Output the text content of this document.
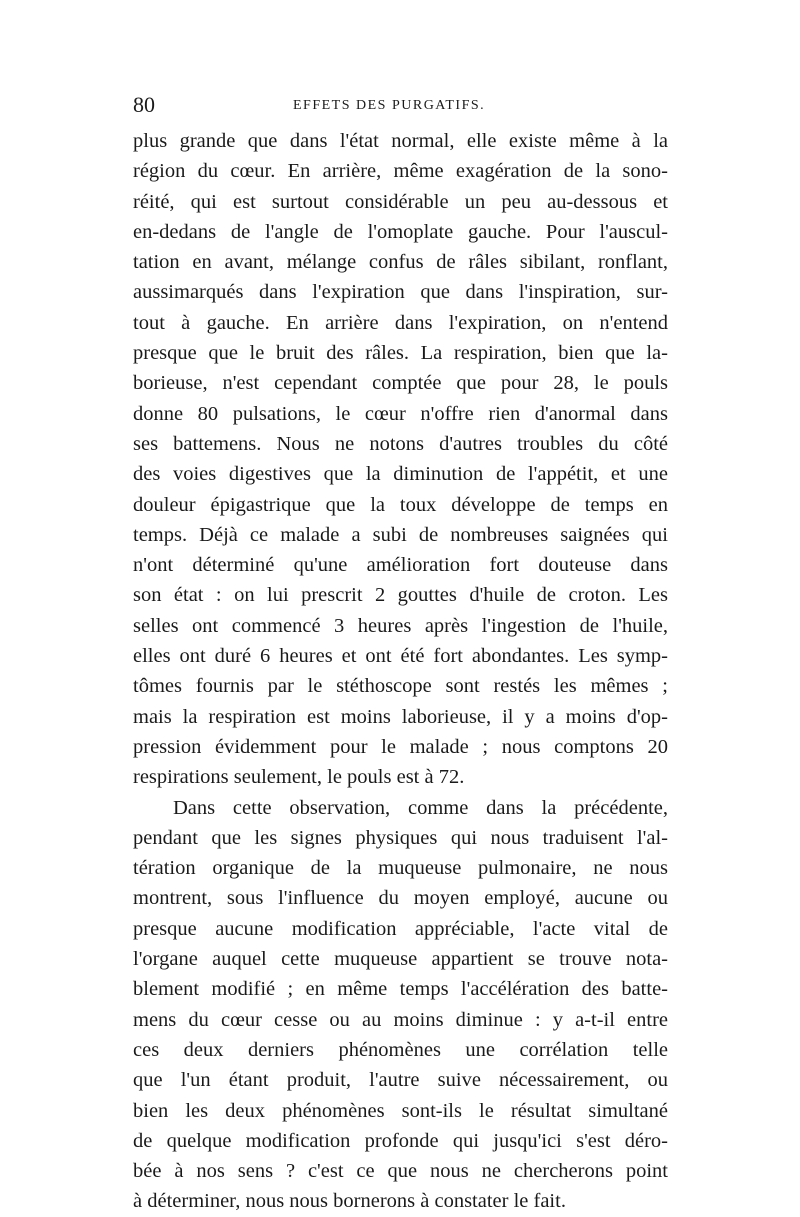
80	EFFETS DES PURGATIFS.
plus grande que dans l'état normal, elle existe même à la
région du cœur. En arrière, même exagération de la sono-
réité, qui est surtout considérable un peu au-dessous et
en-dedans de l'angle de l'omoplate gauche. Pour l'auscul-
tation en avant, mélange confus de râles sibilant, ronflant,
aussimarqués dans l'expiration que dans l'inspiration, sur-
tout à gauche. En arrière dans l'expiration, on n'entend
presque que le bruit des râles. La respiration, bien que la-
borieuse, n'est cependant comptée que pour 28, le pouls
donne 80 pulsations, le cœur n'offre rien d'anormal dans
ses battemens. Nous ne notons d'autres troubles du côté
des voies digestives que la diminution de l'appétit, et une
douleur épigastrique que la toux développe de temps en
temps. Déjà ce malade a subi de nombreuses saignées qui
n'ont déterminé qu'une amélioration fort douteuse dans
son état : on lui prescrit 2 gouttes d'huile de croton. Les
selles ont commencé 3 heures après l'ingestion de l'huile,
elles ont duré 6 heures et ont été fort abondantes. Les symp-
tômes fournis par le stéthoscope sont restés les mêmes ;
mais la respiration est moins laborieuse, il y a moins d'op-
pression évidemment pour le malade ; nous comptons 20
respirations seulement, le pouls est à 72.
Dans cette observation, comme dans la précédente,
pendant que les signes physiques qui nous traduisent l'al-
tération organique de la muqueuse pulmonaire, ne nous
montrent, sous l'influence du moyen employé, aucune ou
presque aucune modification appréciable, l'acte vital de
l'organe auquel cette muqueuse appartient se trouve nota-
blement modifié ; en même temps l'accélération des batte-
mens du cœur cesse ou au moins diminue : y a-t-il entre
ces deux derniers phénomènes une corrélation telle
que l'un étant produit, l'autre suive nécessairement, ou
bien les deux phénomènes sont-ils le résultat simultané
de quelque modification profonde qui jusqu'ici s'est déro-
bée à nos sens ? c'est ce que nous ne chercherons point
à déterminer, nous nous bornerons à constater le fait.
